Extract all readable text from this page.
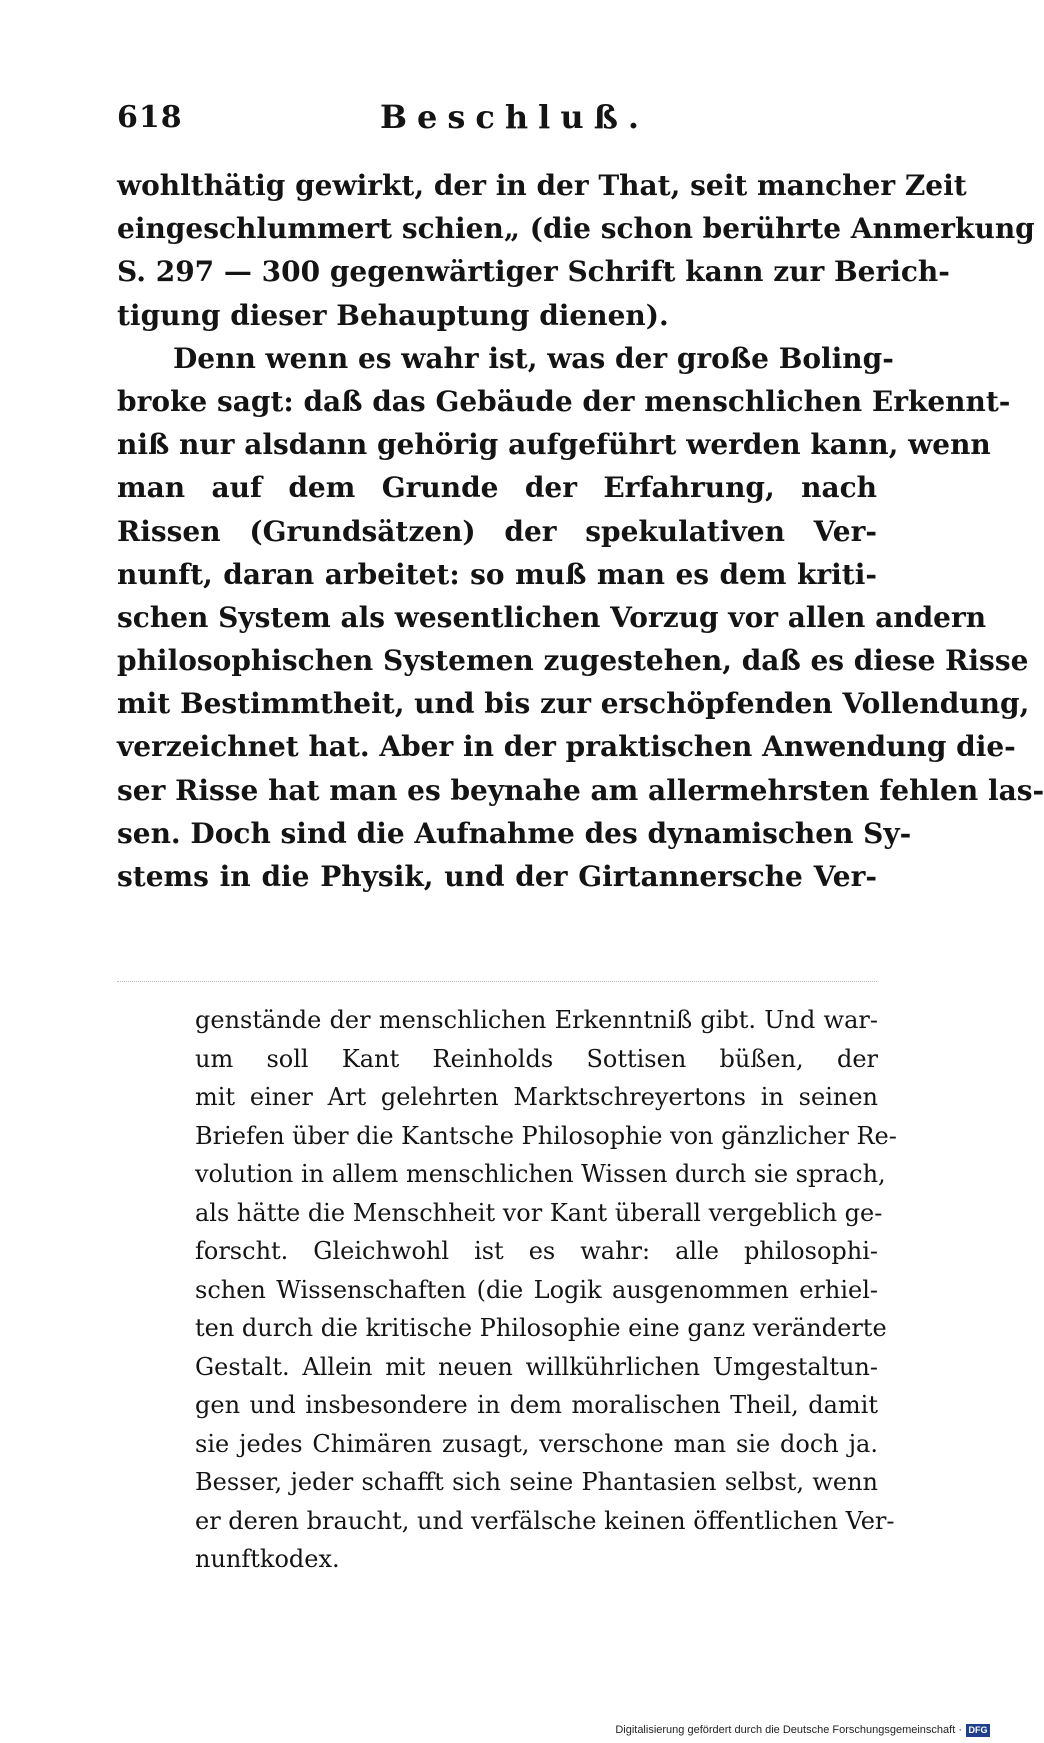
618	Beschluß.
wohlthätig gewirkt, der in der That, seit mancher Zeit
eingeschlummert schien„ (die schon berührte Anmerkung
S. 297 — 300 gegenwärtiger Schrift kann zur Berich-
tigung dieser Behauptung dienen).
Denn wenn es wahr ist, was der große Boling-
broke sagt: daß das Gebäude der menschlichen Erkennt-
niß nur alsdann gehörig aufgeführt werden kann, wenn
man auf dem Grunde der Erfahrung, nach
Rissen (Grundsätzen) der spekulativen Ver-
nunft, daran arbeitet: so muß man es dem kriti-
schen System als wesentlichen Vorzug vor allen andern
philosophischen Systemen zugestehen, daß es diese Risse
mit Bestimmtheit, und bis zur erschöpfenden Vollendung,
verzeichnet hat. Aber in der praktischen Anwendung die-
ser Risse hat man es beynahe am allermehrsten fehlen las-
sen. Doch sind die Aufnahme des dynamischen Sy-
stems in die Physik, und der Girtannersche Ver-
genstände der menschlichen Erkenntniß gibt. Und war-
um soll Kant Reinholds Sottisen büßen, der
mit einer Art gelehrten Marktschreyertons in seinen
Briefen über die Kantsche Philosophie von gänzlicher Re-
volution in allem menschlichen Wissen durch sie sprach,
als hätte die Menschheit vor Kant überall vergeblich ge-
forscht. Gleichwohl ist es wahr: alle philosophi-
schen Wissenschaften (die Logik ausgenommen erhiel-
ten durch die kritische Philosophie eine ganz veränderte
Gestalt. Allein mit neuen willkührlichen Umgestaltun-
gen und insbesondere in dem moralischen Theil, damit
sie jedes Chimären zusagt, verschone man sie doch ja.
Besser, jeder schafft sich seine Phantasien selbst, wenn
er deren braucht, und verfälsche keinen öffentlichen Ver-
nunftkodex.
Digitalisierung gefördert durch die Deutsche Forschungsgemeinschaft · DFG
